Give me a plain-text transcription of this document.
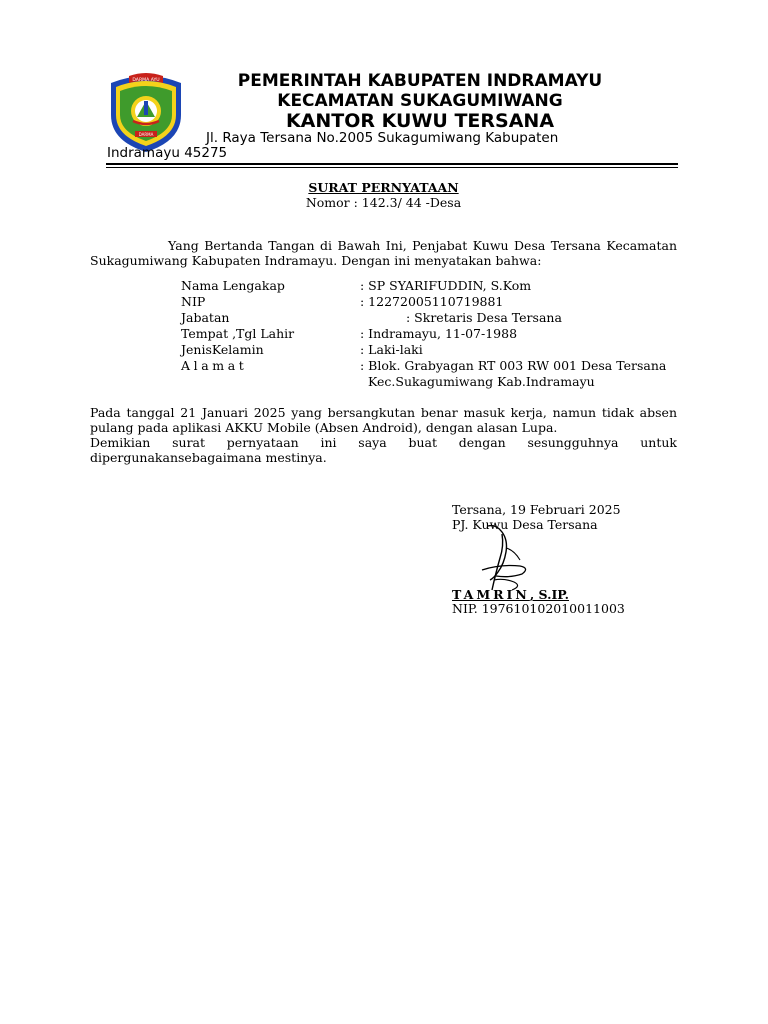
DARMA AYU
DARMA
PEMERINTAH KABUPATEN INDRAMAYU
KECAMATAN SUKAGUMIWANG
KANTOR KUWU TERSANA
Jl. Raya Tersana No.2005 Sukagumiwang Kabupaten
Indramayu 45275
SURAT PERNYATAAN
Nomor : 142.3/ 44 -Desa
Yang Bertanda Tangan di Bawah Ini, Penjabat Kuwu Desa Tersana Kecamatan Sukagumiwang Kabupaten Indramayu. Dengan ini menyatakan bahwa:
Nama Lengakap	: SP SYARIFUDDIN, S.Kom
NIP	: 12272005110719881
Jabatan	: Skretaris Desa Tersana
Tempat ,Tgl Lahir	: Indramayu, 11-07-1988
JenisKelamin	: Laki-laki
Alamat	: Blok. Grabyagan RT 003 RW 001 Desa Tersana
Kec.Sukagumiwang Kab.Indramayu
Pada tanggal 21 Januari 2025 yang bersangkutan benar masuk kerja, namun tidak absen pulang pada aplikasi AKKU Mobile (Absen Android), dengan alasan Lupa.
Demikian surat pernyataan ini saya buat dengan sesungguhnya untuk dipergunakansebagaimana mestinya.
Tersana, 19 Februari 2025
PJ. Kuwu Desa Tersana
TAMRIN, S.IP.
NIP. 197610102010011003
